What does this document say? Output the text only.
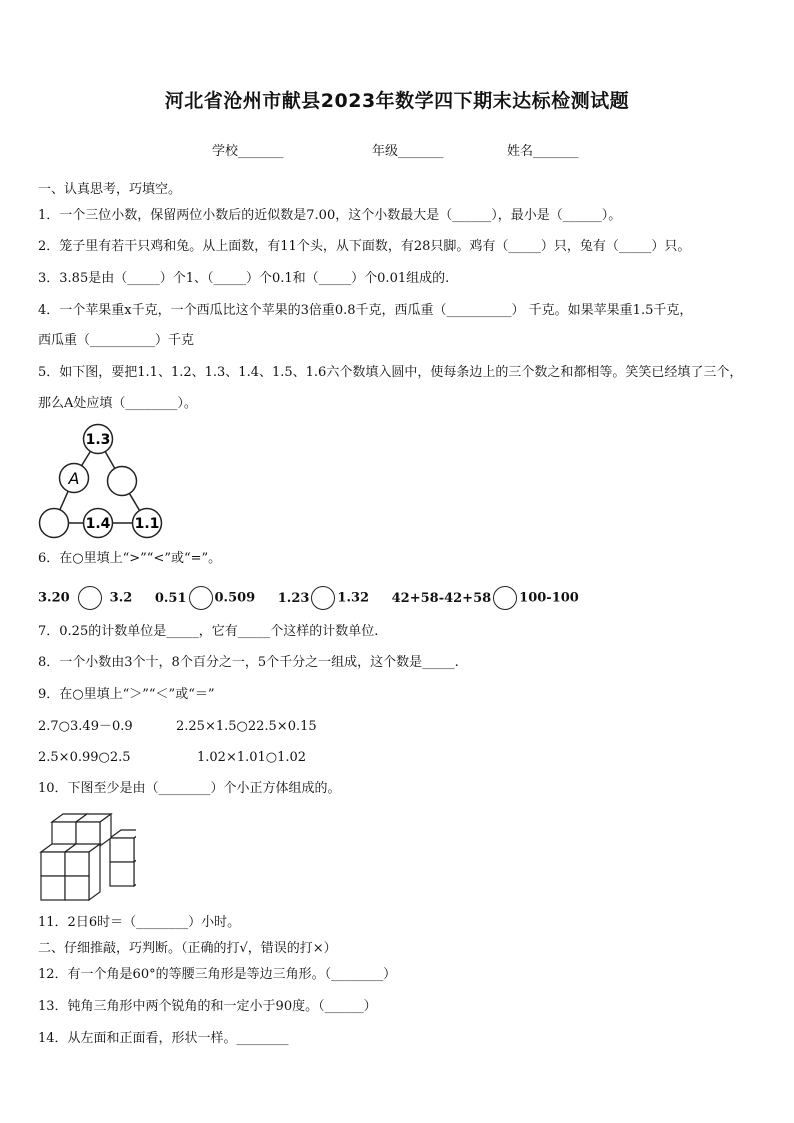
河北省沧州市献县2023年数学四下期末达标检测试题
学校_______	年级_______	姓名_______
一、认真思考，巧填空。
1．一个三位小数，保留两位小数后的近似数是7.00，这个小数最大是（______），最小是（______）。
2．笼子里有若干只鸡和兔。从上面数，有11个头，从下面数，有28只脚。鸡有（_____）只，兔有（_____）只。
3．3.85是由（_____）个1、（_____）个0.1和（_____）个0.01组成的.
4．一个苹果重x千克，一个西瓜比这个苹果的3倍重0.8千克，西瓜重（__________） 千克。如果苹果重1.5千克，
西瓜重（__________）千克
5．如下图，要把1.1、1.2、1.3、1.4、1.5、1.6六个数填入圆中，使每条边上的三个数之和都相等。笑笑已经填了三个，
那么A处应填（________）。
1.3
A
1.4 1.1
6．在○里填上“>”“<”或“=”。
3.20	3.2 0.51 0.509 1.23 1.32 42+58-42+58 100-100
7．0.25的计数单位是_____，它有_____个这样的计数单位.
8．一个小数由3个十，8个百分之一，5个千分之一组成，这个数是_____.
9．在○里填上“＞”“＜”或“＝”
2.7○3.49－0.9	2.25×1.5○22.5×0.15
2.5×0.99○2.5	1.02×1.01○1.02
10．下图至少是由（________）个小正方体组成的。
11．2日6时＝（________）小时。
二、仔细推敲，巧判断。（正确的打√，错误的打×）
12．有一个角是60°的等腰三角形是等边三角形。（________）
13．钝角三角形中两个锐角的和一定小于90度。（______）
14．从左面和正面看，形状一样。________
